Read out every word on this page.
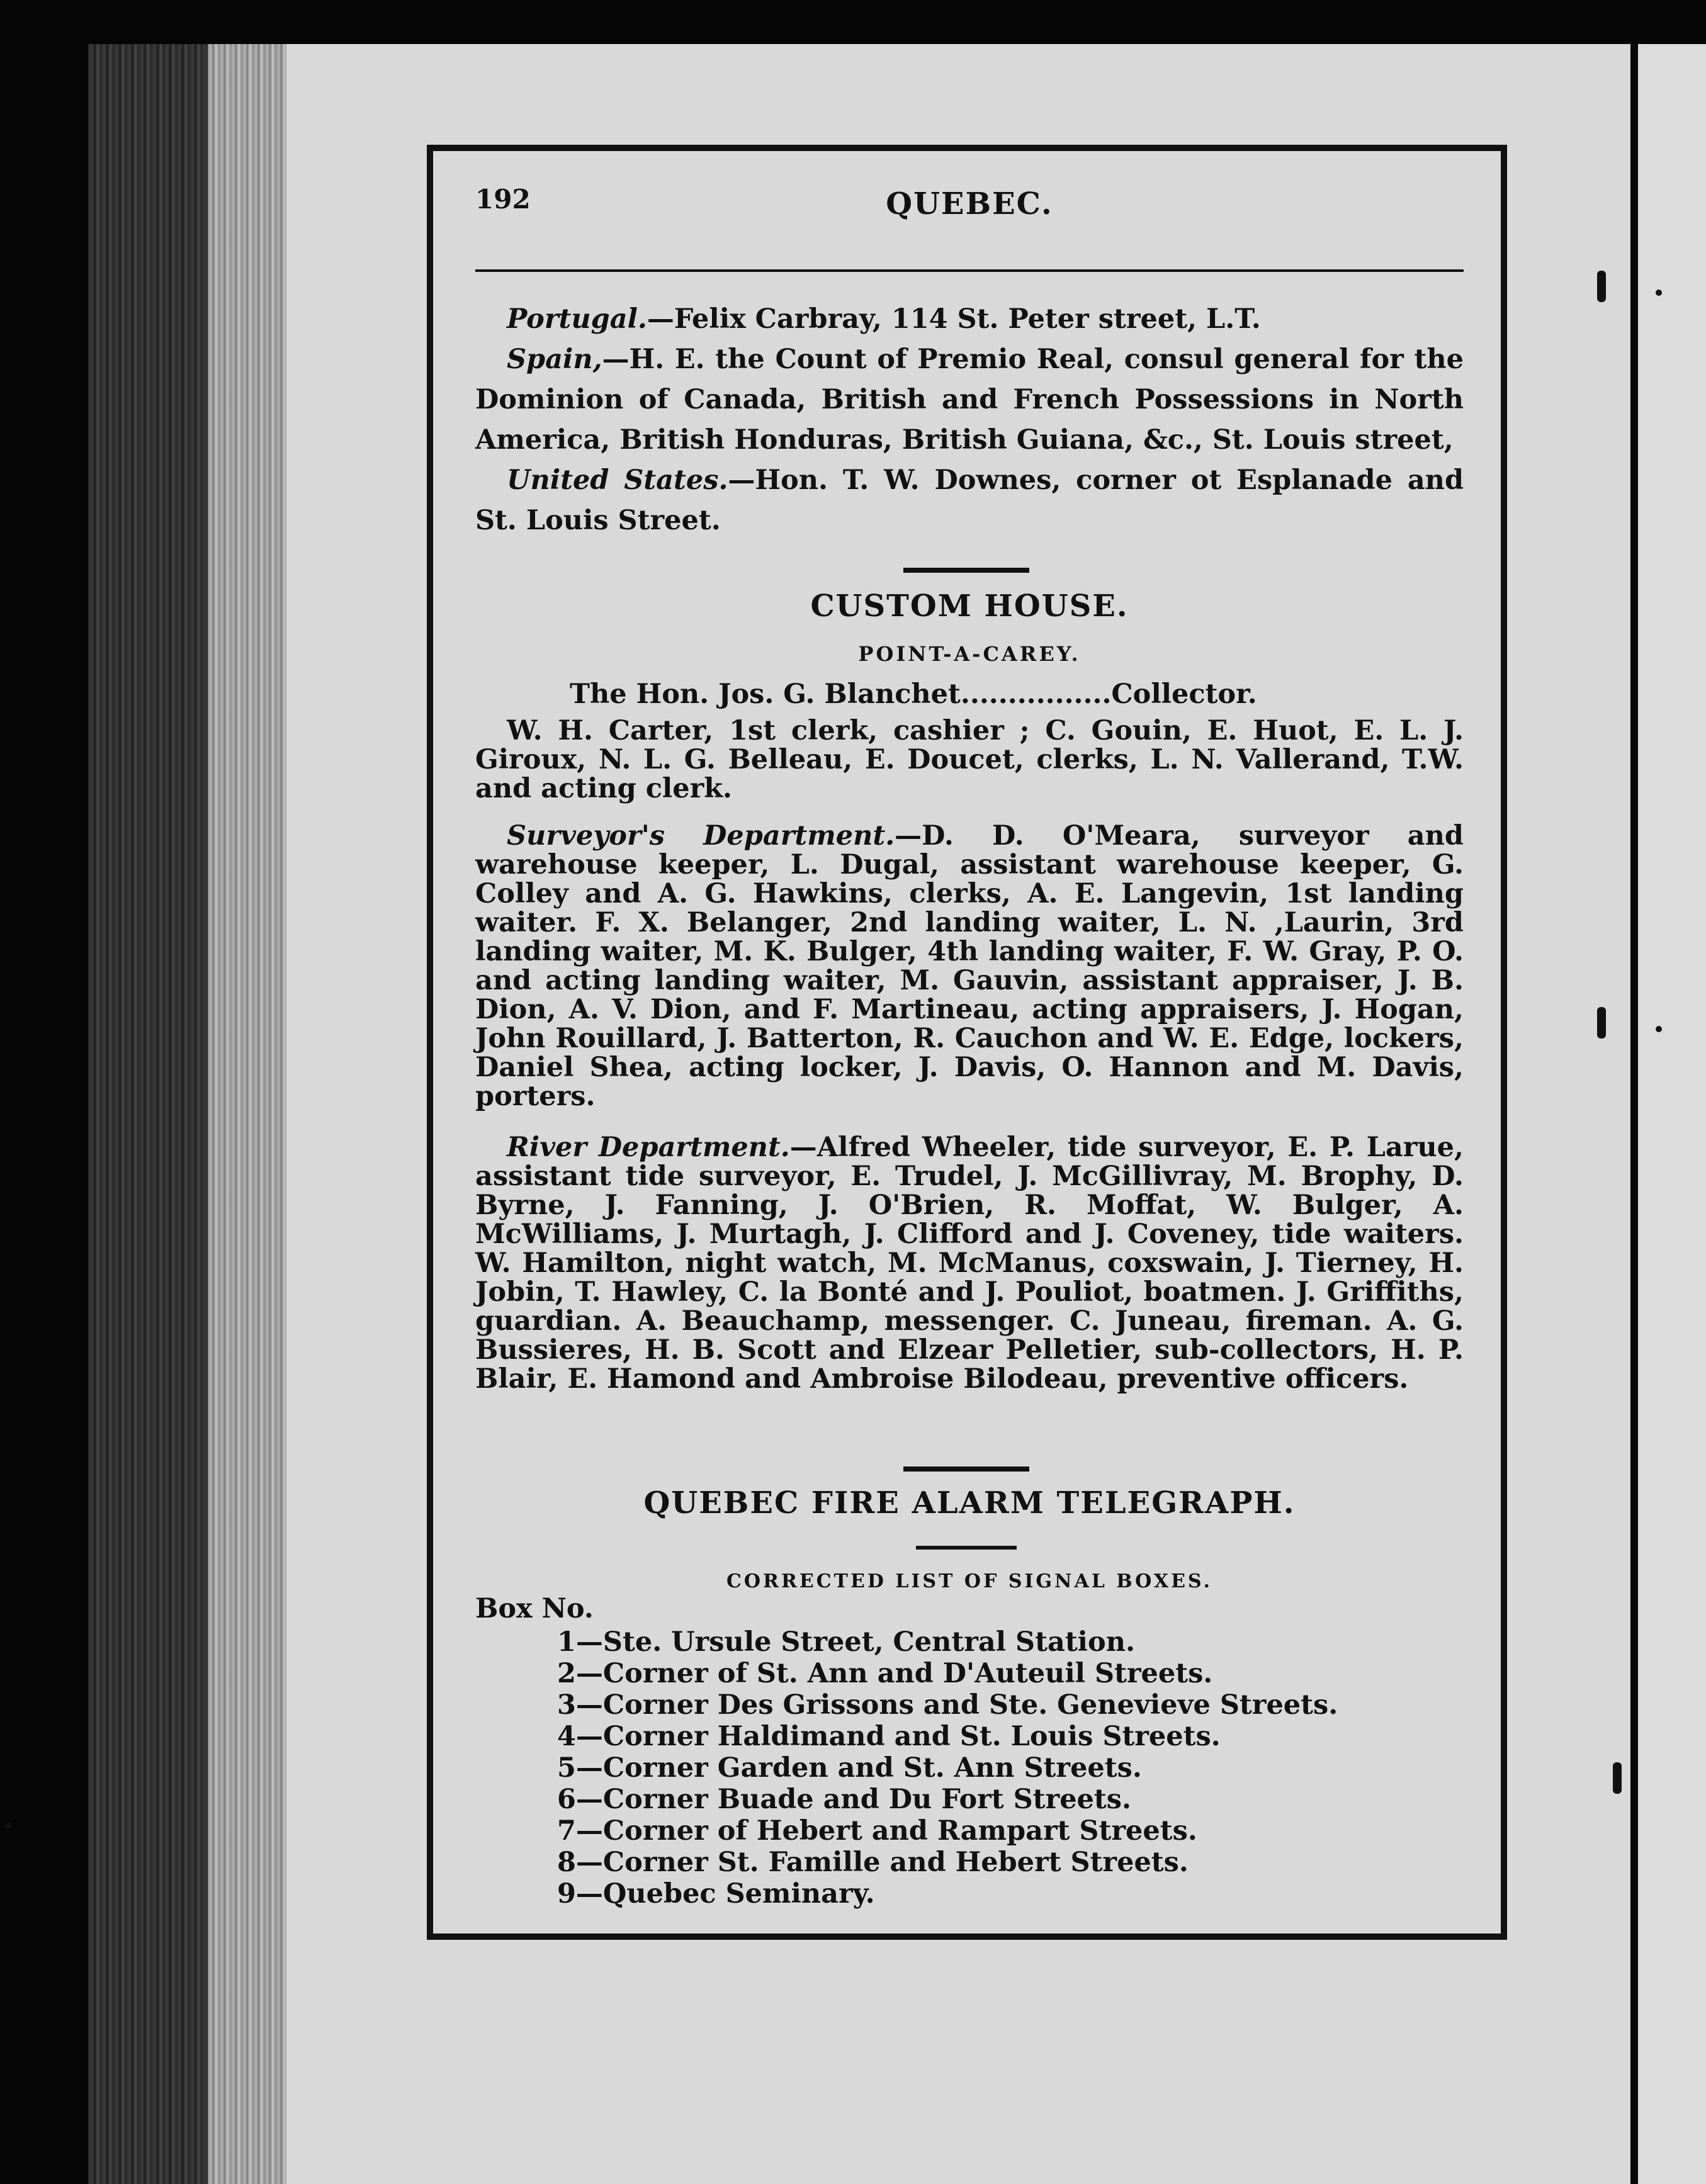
192	QUEBEC.

Portugal.—Felix Carbray, 114 St. Peter street, L.T.

Spain,—H. E. the Count of Premio Real, consul general for the Dominion of Canada, British and French Possessions in North America, British Honduras, British Guiana, &c., St. Louis street,

United States.—Hon. T. W. Downes, corner ot Esplanade and St. Louis Street.

CUSTOM HOUSE.
POINT-A-CAREY.
The Hon. Jos. G. Blanchet................Collector.

W. H. Carter, 1st clerk, cashier ; C. Gouin, E. Huot, E. L. J. Giroux, N. L. G. Belleau, E. Doucet, clerks, L. N. Vallerand, T.W. and acting clerk.

Surveyor's Department.—D. D. O'Meara, surveyor and warehouse keeper, L. Dugal, assistant warehouse keeper, G. Colley and A. G. Hawkins, clerks, A. E. Langevin, 1st landing waiter. F. X. Belanger, 2nd landing waiter, L. N. ,Laurin, 3rd landing waiter, M. K. Bulger, 4th landing waiter, F. W. Gray, P. O. and acting landing waiter, M. Gauvin, assistant appraiser, J. B. Dion, A. V. Dion, and F. Martineau, acting appraisers, J. Hogan, John Rouillard, J. Batterton, R. Cauchon and W. E. Edge, lockers, Daniel Shea, acting locker, J. Davis, O. Hannon and M. Davis, porters.

River Department.—Alfred Wheeler, tide surveyor, E. P. Larue, assistant tide surveyor, E. Trudel, J. McGillivray, M. Brophy, D. Byrne, J. Fanning, J. O'Brien, R. Moffat, W. Bulger, A. McWilliams, J. Murtagh, J. Clifford and J. Coveney, tide waiters. W. Hamilton, night watch, M. McManus, coxswain, J. Tierney, H. Jobin, T. Hawley, C. la Bonté and J. Pouliot, boatmen. J. Griffiths, guardian. A. Beauchamp, messenger. C. Juneau, fireman. A. G. Bussieres, H. B. Scott and Elzear Pelletier, sub-collectors, H. P. Blair, E. Hamond and Ambroise Bilodeau, preventive officers.

QUEBEC FIRE ALARM TELEGRAPH.
CORRECTED LIST OF SIGNAL BOXES.
Box No.
1—Ste. Ursule Street, Central Station.
2—Corner of St. Ann and D'Auteuil Streets.
3—Corner Des Grissons and Ste. Genevieve Streets.
4—Corner Haldimand and St. Louis Streets.
5—Corner Garden and St. Ann Streets.
6—Corner Buade and Du Fort Streets.
7—Corner of Hebert and Rampart Streets.
8—Corner St. Famille and Hebert Streets.
9—Quebec Seminary.
